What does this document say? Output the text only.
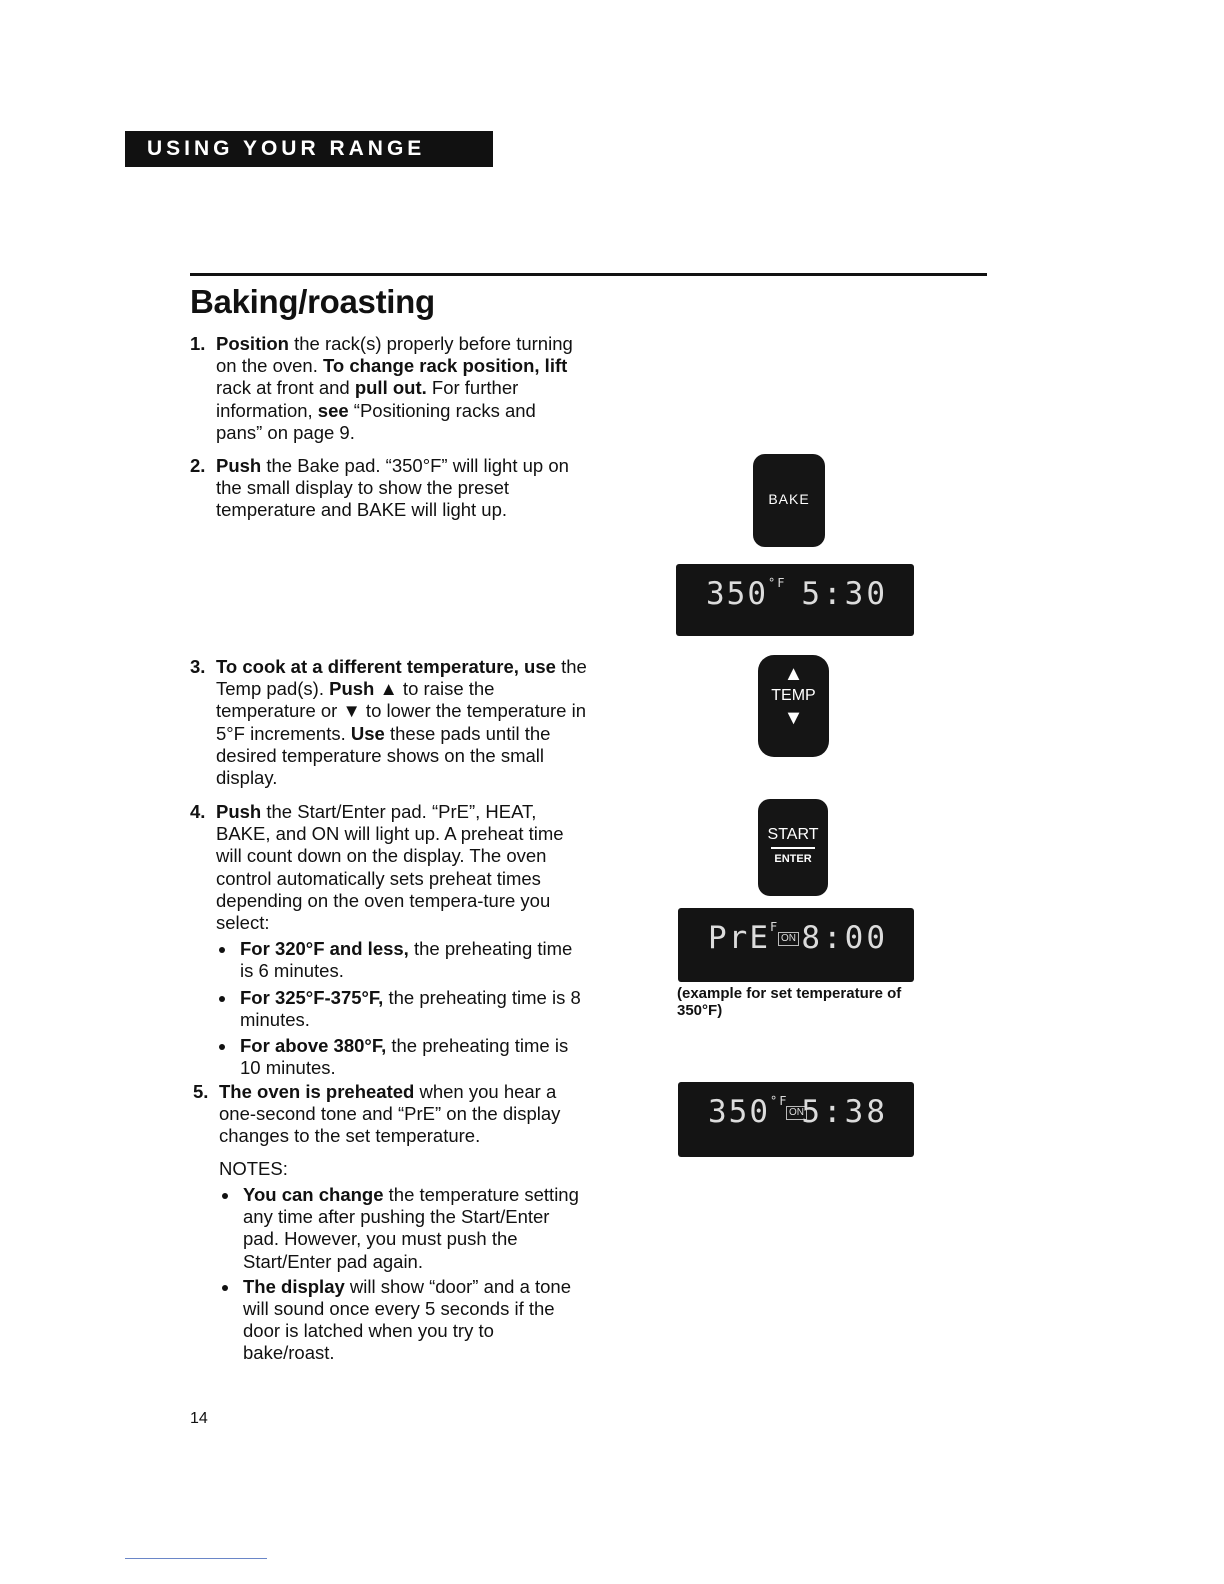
USING YOUR RANGE
Baking/roasting
1. Position the rack(s) properly before turning on the oven. To change rack position, lift rack at front and pull out. For further information, see “Positioning racks and pans” on page 9.
2. Push the Bake pad. “350°F” will light up on the small display to show the preset temperature and BAKE will light up.
3. To cook at a different temperature, use the Temp pad(s). Push ▲ to raise the temperature or ▼ to lower the temperature in 5°F increments. Use these pads until the desired temperature shows on the small display.
4. Push the Start/Enter pad. “PrE”, HEAT, BAKE, and ON will light up. A preheat time will count down on the display. The oven control automatically sets preheat times depending on the oven tempera-ture you select:
For 320°F and less, the preheating time is 6 minutes.
For 325°F-375°F, the preheating time is 8 minutes.
For above 380°F, the preheating time is 10 minutes.
5. The oven is preheated when you hear a one-second tone and “PrE” on the display changes to the set temperature.
NOTES:
You can change the temperature setting any time after pushing the Start/Enter pad. However, you must push the Start/Enter pad again.
The display will show “door” and a tone will sound once every 5 seconds if the door is latched when you try to bake/roast.
BAKE
$350^{^\circ F}$ 5:30
▲
TEMP
▼
START
ENTER
PrE$^F$
ON 8:00
(example for set temperature of 350°F)
$350^{^\circ F}$
ON
5:38
14
